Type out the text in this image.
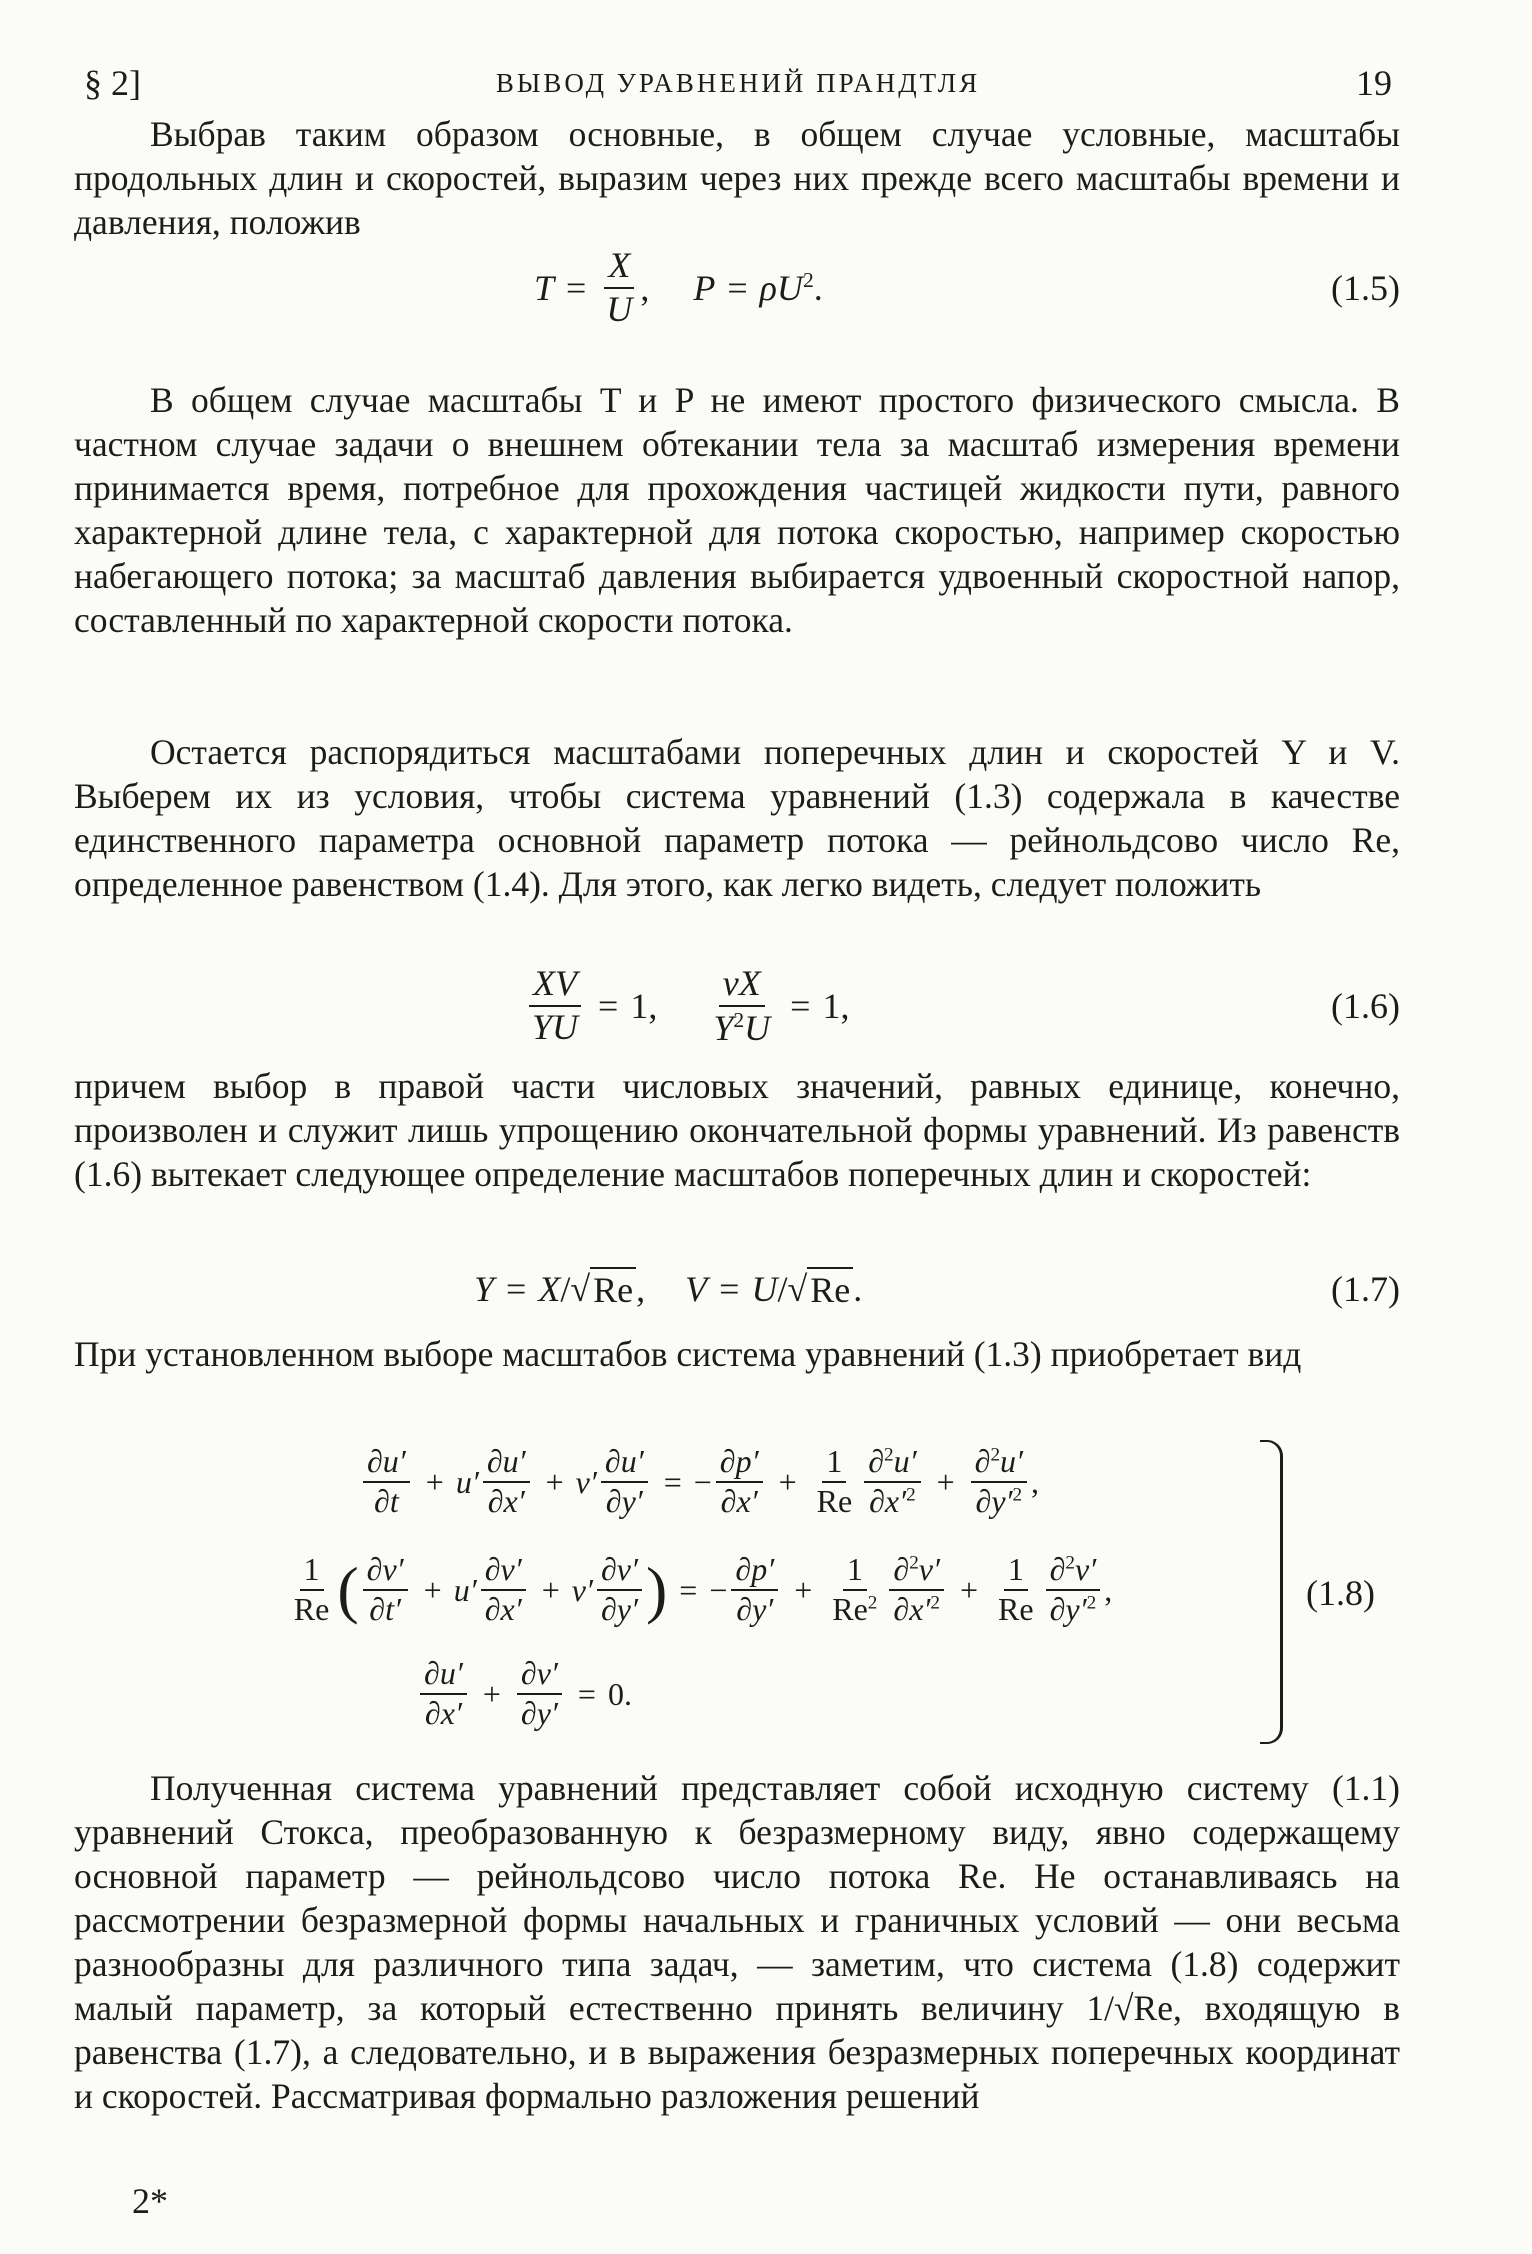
§ 2]	ВЫВОД УРАВНЕНИЙ ПРАНДТЛЯ	19
Выбрав таким образом основные, в общем случае условные, масштабы продольных длин и скоростей, выразим через них прежде всего масштабы времени и давления, положив
$T = \frac{X}{U}$ , $P = \rho U^2$ .	(1.5)
В общем случае масштабы T и P не имеют простого физического смысла. В частном случае задачи о внешнем обтекании тела за масштаб измерения времени принимается время, потребное для прохождения частицей жидкости пути, равного характерной длине тела, с характерной для потока скоростью, например скоростью набегающего потока; за масштаб давления выбирается удвоенный скоростной напор, составленный по характерной скорости потока.
Остается распорядиться масштабами поперечных длин и скоростей Y и V. Выберем их из условия, чтобы система уравнений (1.3) содержала в качестве единственного параметра основной параметр потока — рейнольдсово число Re, определенное равенством (1.4). Для этого, как легко видеть, следует положить
$\frac{XV}{YU} = 1$, $\frac{\nu X}{Y^2U} = 1$,	(1.6)
причем выбор в правой части числовых значений, равных единице, конечно, произволен и служит лишь упрощению окончательной формы уравнений. Из равенств (1.6) вытекает следующее определение масштабов поперечных длин и скоростей:
Y = X / √ Re , V = U / √ Re .	(1.7)
При установленном выборе масштабов система уравнений (1.3) приобретает вид
$\frac{\partial u'}{\partial t} + u' \frac{\partial u'}{\partial x'} + v' \frac{\partial u'}{\partial y'}$ = − $\frac{\partial p'}{\partial x'} + \frac{1}{Re} \frac{\partial^2u'}{\partial x'^2} + \frac{\partial^2u'}{\partial y'^2}$ ,
$\frac{1}{Re}$ ( $\frac{\partial v'}{\partial t'} + u' \frac{\partial v'}{\partial x'} + v' \frac{\partial v'}{\partial y'}$ ) = − $\frac{\partial p'}{\partial y'} + \frac{1}{Re^2} \frac{\partial^2v'}{\partial x'^2} + \frac{1}{Re} \frac{\partial^2v'}{\partial y'^2}$ ,
$\frac{\partial u'}{\partial x'} + \frac{\partial v'}{\partial y'} = 0$.
(1.8)
Полученная система уравнений представляет собой исходную систему (1.1) уравнений Стокса, преобразованную к безразмерному виду, явно содержащему основной параметр — рейнольдсово число потока Re. Не останавливаясь на рассмотрении безразмерной формы начальных и граничных условий — они весьма разнообразны для различного типа задач, — заметим, что система (1.8) содержит малый параметр, за который естественно принять величину 1/√Re, входящую в равенства (1.7), а следовательно, и в выражения безразмерных поперечных координат и скоростей. Рассматривая формально разложения решений
2*
